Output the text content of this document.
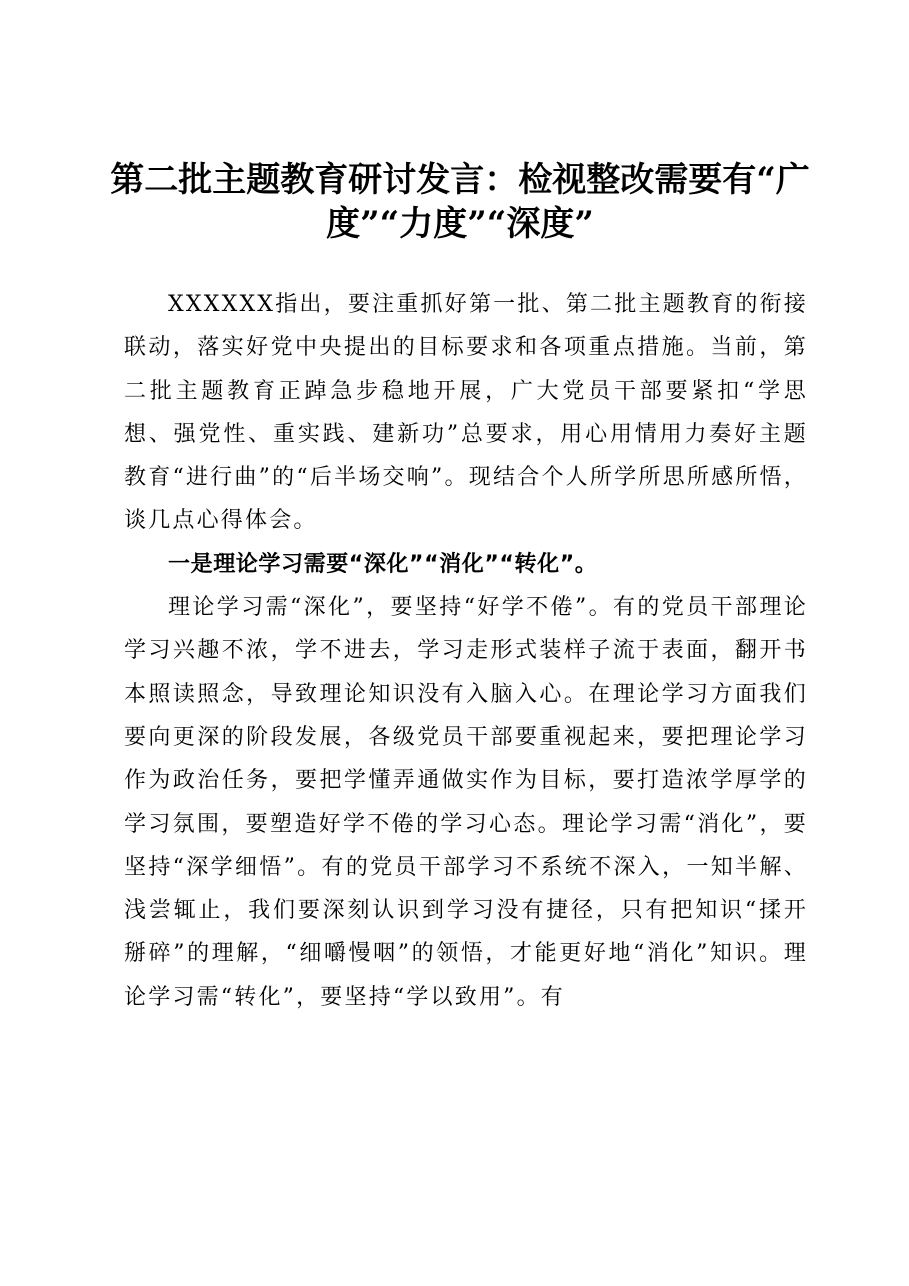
第二批主题教育研讨发言：检视整改需要有“广度”“力度”“深度”

XXXXXX指出，要注重抓好第一批、第二批主题教育的衔接联动，落实好党中央提出的目标要求和各项重点措施。当前，第二批主题教育正踔急步稳地开展，广大党员干部要紧扣“学思想、强党性、重实践、建新功”总要求，用心用情用力奏好主题教育“进行曲”的“后半场交响”。现结合个人所学所思所感所悟，谈几点心得体会。

一是理论学习需要“深化”“消化”“转化”。

理论学习需“深化”，要坚持“好学不倦”。有的党员干部理论学习兴趣不浓，学不进去，学习走形式装样子流于表面，翻开书本照读照念，导致理论知识没有入脑入心。在理论学习方面我们要向更深的阶段发展，各级党员干部要重视起来，要把理论学习作为政治任务，要把学懂弄通做实作为目标，要打造浓学厚学的学习氛围，要塑造好学不倦的学习心态。理论学习需“消化”，要坚持“深学细悟”。有的党员干部学习不系统不深入，一知半解、浅尝辄止，我们要深刻认识到学习没有捷径，只有把知识“揉开掰碎”的理解，“细嚼慢咽”的领悟，才能更好地“消化”知识。理论学习需“转化”，要坚持“学以致用”。有
